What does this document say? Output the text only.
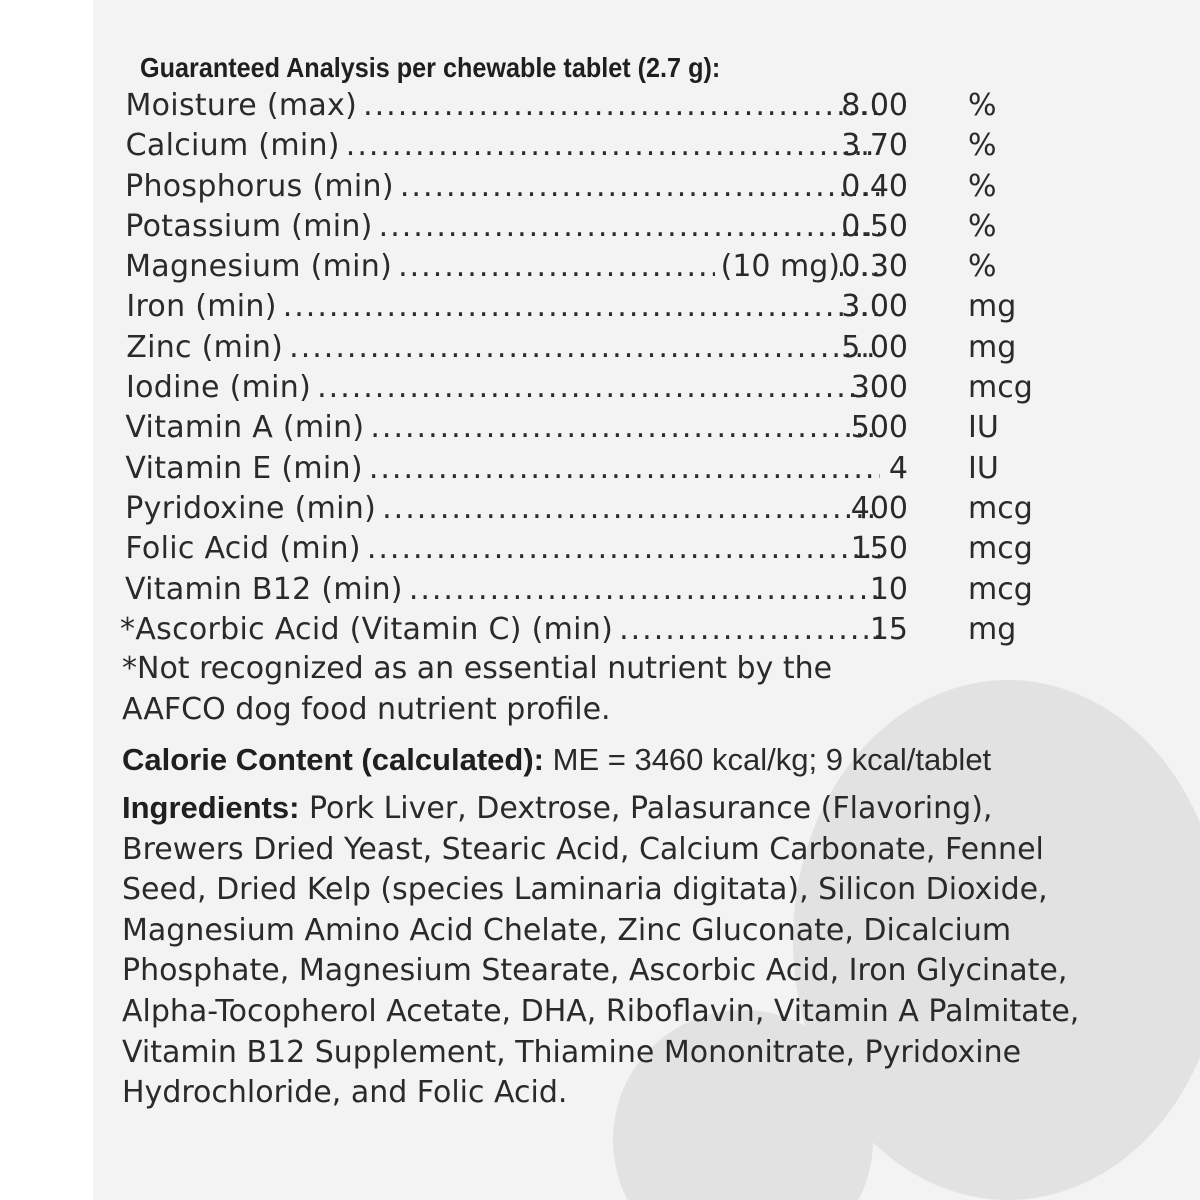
Guaranteed Analysis per chewable tablet (2.7 g):
Moisture (max) .....	8.00 %
Calcium (min) .....	3.70 %
Phosphorus (min) .....	0.40 %
Potassium (min) .....	0.50 %
Magnesium (min) .....	(10 mg) 0.30 %
Iron (min) .....	3.00 mg
Zinc (min) .....	5.00 mg
Iodine (min) .....	300 mcg
Vitamin A (min) .....	500 IU
Vitamin E (min) .....	4 IU
Pyridoxine (min) .....	400 mcg
Folic Acid (min) .....	150 mcg
Vitamin B12 (min) .....	10 mcg
* Ascorbic Acid (Vitamin C) (min) .....	15 mg
*Not recognized as an essential nutrient by the AAFCO dog food nutrient profile.
Calorie Content (calculated): ME = 3460 kcal/kg; 9 kcal/tablet
Ingredients: Pork Liver, Dextrose, Palasurance (Flavoring), Brewers Dried Yeast, Stearic Acid, Calcium Carbonate, Fennel Seed, Dried Kelp (species Laminaria digitata), Silicon Dioxide, Magnesium Amino Acid Chelate, Zinc Gluconate, Dicalcium Phosphate, Magnesium Stearate, Ascorbic Acid, Iron Glycinate, Alpha-Tocopherol Acetate, DHA, Riboflavin, Vitamin A Palmitate, Vitamin B12 Supplement, Thiamine Mononitrate, Pyridoxine Hydrochloride, and Folic Acid.
